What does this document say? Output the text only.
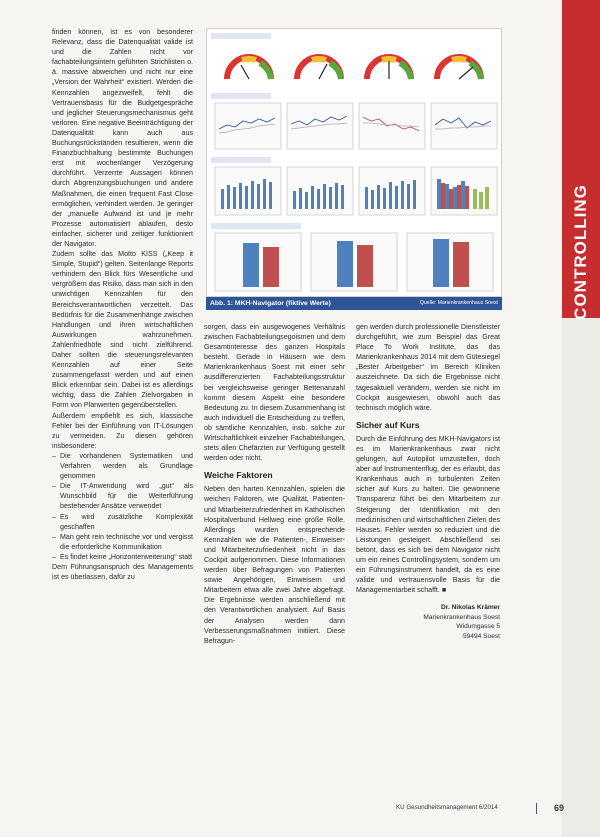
finden können, ist es von besonderer Relevanz, dass die Datenqualität valide ist und die Zahlen nicht vor fachabteilungsintern geführten Strichlisten o. ä. massive abweichen und nicht nur eine „Version der Wahrheit“ existiert. Werden die Kennzahlen angezweifelt, fehlt die Vertrauensbasis für die Budgetgespräche und jeglicher Steuerungsmechanismus geht verloren. Eine negative Beeinträchtigung der Datenqualität kann auch aus Buchungsrückständen resultieren, wenn die Finanzbuchhaltung bestimmte Buchungen erst mit wochenlanger Verzögerung durchführt. Verzerrte Aussagen können durch Abgrenzungsbuchungen und andere Maßnahmen, die einen frequent Fast Close ermöglichen, verhindert werden. Je geringer der „manuelle Aufwand ist und je mehr Prozesse automatisiert ablaufen, desto einfacher, sicherer und zeitiger funktioniert der Navigator.

Zudem sollte das Motto KISS („Keep it Simple, Stupid“) gelten. Seitenlange Reports verhindern den Blick fürs Wesentliche und vergrößern das Risiko, dass man sich in den unwichtigen Kennzahlen für den Bereichsverantwortlichen verzettelt. Das Bedürfnis für die Zusammenhänge zwischen Handlungen und ihren wirtschaftlichen Auswirkungen wahrzunehmen. Zahlenfriedhöfe sind nicht zielführend. Daher sollten die steuerungsrelevanten Kennzahlen auf einer Seite zusammengefasst werden und auf einen Blick erkennbar sein. Dabei ist es allerdings wichtig, dass die Zahlen Zielvorgaben in Form von Planwerten gegenüberstellen.

Außerdem empfiehlt es sich, klassische Fehler bei der Einführung von IT-Lösungen zu vermeiden. Zu diesen gehören insbesondere:

– Die vorhandenen Systematiken und Verfahren werden als Grundlage genommen
– Die IT-Anwendung wird „gut“ als Wunschbild für die Weiterführung bestehender Ansätze verwendet
– Es wird zusätzliche Komplexität geschaffen
– Man geht rein technische vor und vergisst die erforderliche Kommunikation
– Es findet keine „Horizonterweiterung“ statt

Dem Führungsanspruch des Managements ist es überlassen, dafür zu

Abb. 1: MKH-Navigator (fiktive Werte)	Quelle: Marienkrankenhaus Soest

sorgen, dass ein ausgewogenes Verhältnis zwischen Fachabteilungsegoismen und dem Gesamtinteresse des ganzen Hospitals besteht. Gerade in Häusern wie dem Marienkrankenhaus Soest mit einer sehr ausdifferenzierten Fachabteilungsstruktur bei vergleichsweise geringer Bettenanzahl kommt diesem Aspekt eine besondere Bedeutung zu. In diesem Zusammenhang ist auch individuell die Entscheidung zu treffen, ob sämtliche Kennzahlen, insb. solche zur Wirtschaftlichkeit einzelner Fachabteilungen, stets allen Chefärzten zur Verfügung gestellt werden oder nicht.

Weiche Faktoren

Neben den harten Kennzahlen, spielen die weichen Faktoren, wie Qualität, Patienten- und Mitarbeiterzufriedenheit im Katholischen Hospitalverbund Hellweg eine große Rolle. Allerdings wurden entsprechende Kennzahlen wie die Patienten-, Einweiser- und Mitarbeiterzufriedenheit nicht in das Cockpit aufgenommen. Diese Informationen werden über Befragungen von Patienten sowie Angehörigen, Einweisern und Mitarbeitern etwa alle zwei Jahre abgefragt. Die Ergebnisse werden anschließend mit den Verantwortlichen analysiert. Auf Basis der Analysen werden dann Verbesserungsmaßnahmen initiiert. Diese Befragun-

gen werden durch professionelle Dienstleister durchgeführt, wie zum Beispiel das Great Place To Work Institute, das das Marienkrankenhaus 2014 mit dem Gütesiegel „Bester Arbeitgeber“ im Bereich Kliniken auszeichnete. Da sich die Ergebnisse nicht tagesaktuell verändern, werden sie nicht im Cockpit ausgewiesen, obwohl auch das technisch möglich wäre.

Sicher auf Kurs

Durch die Einführung des MKH-Navigators ist es im Marienkrankenhaus zwar nicht gelungen, auf Autopilot umzustellen, doch aber auf Instrumentenflug, der es erlaubt, das Krankenhaus auch in turbulenten Zeiten sicher auf Kurs zu halten. Die gewonnene Transparenz führt bei den Mitarbeitern zur Steigerung der Identifikation mit den medizinischen und wirtschaftlichen Zielen des Hauses. Fehler werden so reduziert und die Leistungen gesteigert. Abschließend sei betont, dass es sich bei dem Navigator nicht um ein reines Controllingsystem, sondern um ein Führungsinstrument handelt, da es eine valide und vertrauensvolle Basis für die Managementarbeit schafft. ■

Dr. Nikolas Krämer
Marienkrankenhaus Soest
Widumgasse 5
59494 Soest
CONTROLLING
KU Gesundheitsmanagement 6/2014	69
